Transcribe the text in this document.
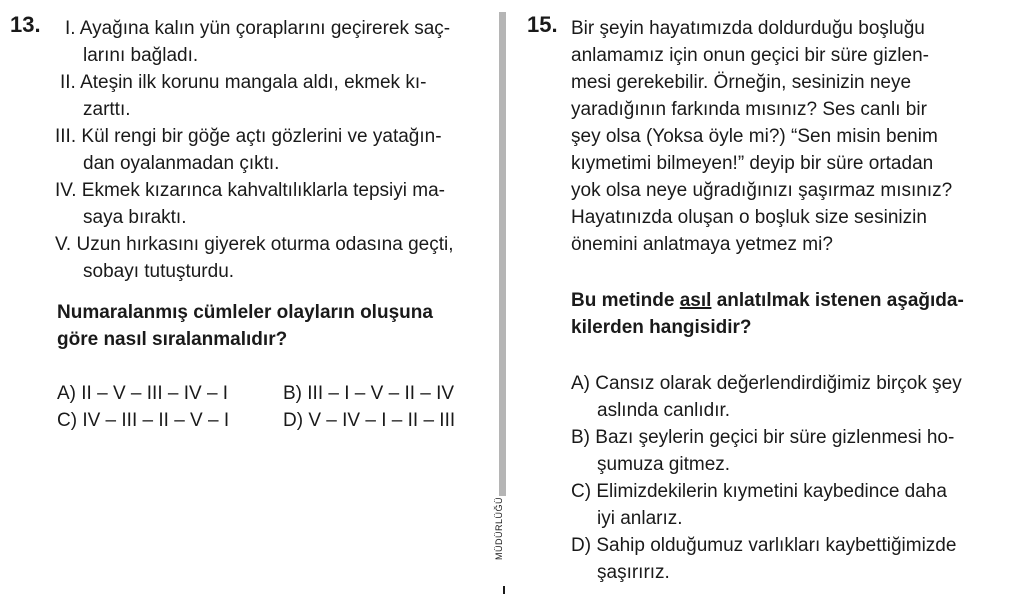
13. I. Ayağına kalın yün çoraplarını geçirerek saç-
larını bağladı.
II. Ateşin ilk korunu mangala aldı, ekmek kı-
zarttı.
III. Kül rengi bir göğe açtı gözlerini ve yatağın-
dan oyalanmadan çıktı.
IV. Ekmek kızarınca kahvaltılıklarla tepsiyi ma-
saya bıraktı.
V. Uzun hırkasını giyerek oturma odasına geçti,
sobayı tutuşturdu.
Numaralanmış cümleler olayların oluşuna
göre nasıl sıralanmalıdır?
A) II – V – III – IV – I	B) III – I – V – II – IV
C) IV – III – II – V – I	D) V – IV – I – II – III
MÜDÜRLÜĞÜ
15. Bir şeyin hayatımızda doldurduğu boşluğu
anlamamız için onun geçici bir süre gizlen-
mesi gerekebilir. Örneğin, sesinizin neye
yaradığının farkında mısınız? Ses canlı bir
şey olsa (Yoksa öyle mi?) “Sen misin benim
kıymetimi bilmeyen!” deyip bir süre ortadan
yok olsa neye uğradığınızı şaşırmaz mısınız?
Hayatınızda oluşan o boşluk size sesinizin
önemini anlatmaya yetmez mi?
Bu metinde asıl anlatılmak istenen aşağıda-
kilerden hangisidir?
A) Cansız olarak değerlendirdiğimiz birçok şey
aslında canlıdır.
B) Bazı şeylerin geçici bir süre gizlenmesi ho-
şumuza gitmez.
C) Elimizdekilerin kıymetini kaybedince daha
iyi anlarız.
D) Sahip olduğumuz varlıkları kaybettiğimizde
şaşırırız.
